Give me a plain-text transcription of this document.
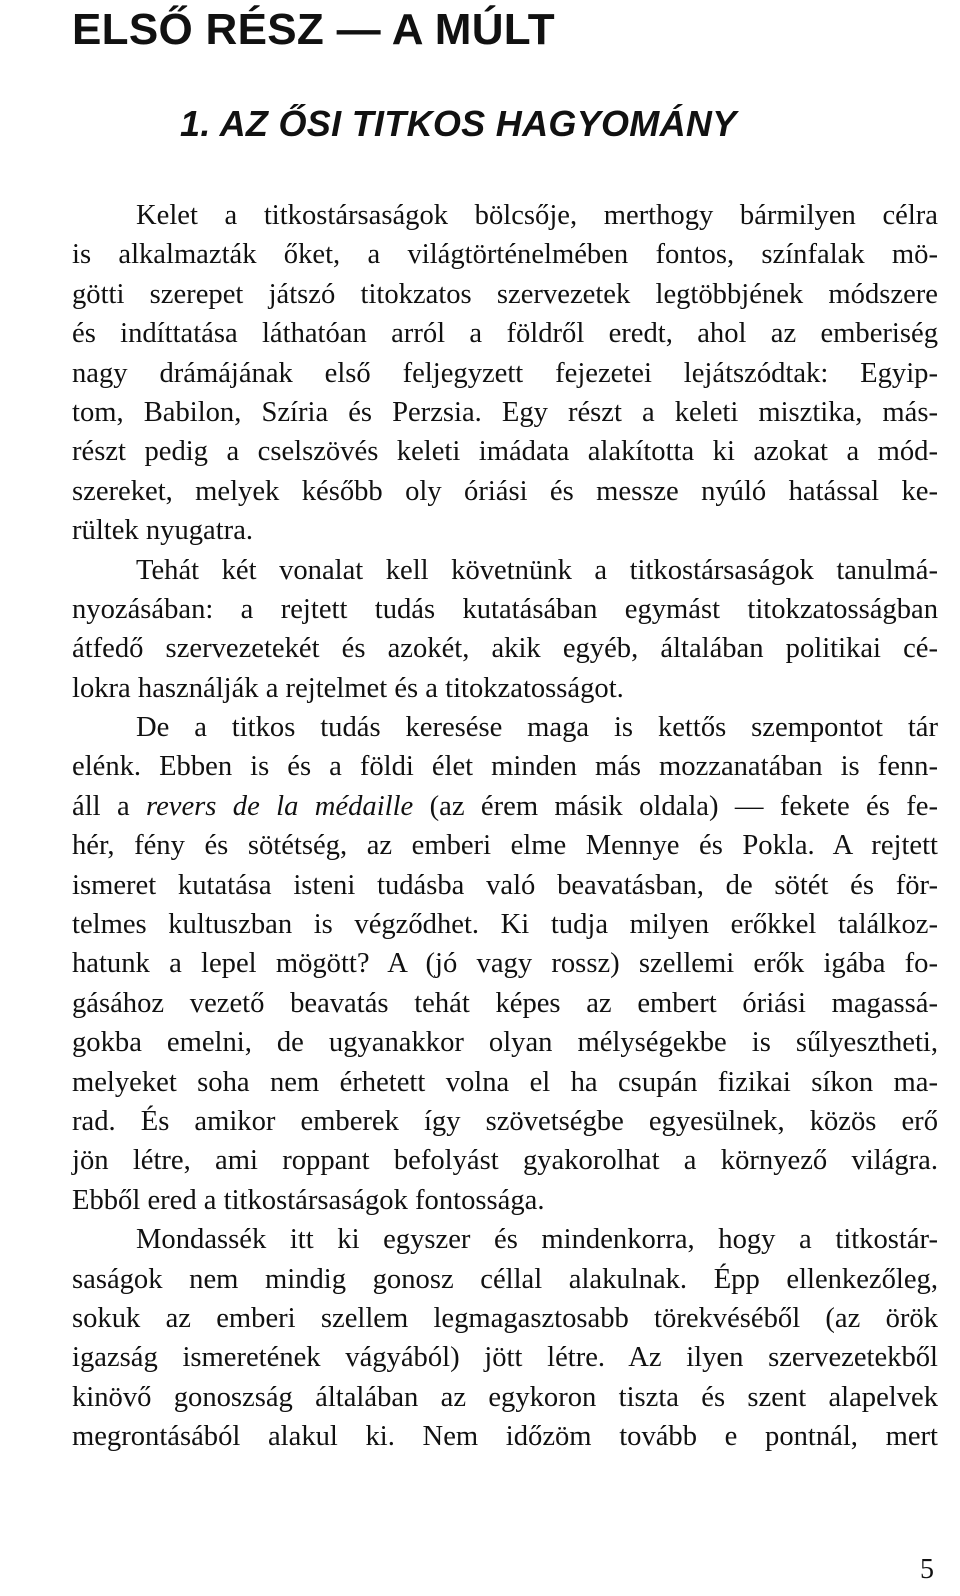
ELSŐ RÉSZ — A MÚLT
1. AZ ŐSI TITKOS HAGYOMÁNY
Kelet a titkostársaságok bölcsője, merthogy bármilyen célra
is alkalmazták őket, a világtörténelmében fontos, színfalak mö-
götti szerepet játszó titokzatos szervezetek legtöbbjének módszere
és indíttatása láthatóan arról a földről eredt, ahol az emberiség
nagy drámájának első feljegyzett fejezetei lejátszódtak: Egyip-
tom, Babilon, Szíria és Perzsia. Egy részt a keleti misztika, más-
részt pedig a cselszövés keleti imádata alakította ki azokat a mód-
szereket, melyek később oly óriási és messze nyúló hatással ke-
rültek nyugatra.
Tehát két vonalat kell követnünk a titkostársaságok tanulmá-
nyozásában: a rejtett tudás kutatásában egymást titokzatosságban
átfedő szervezetekét és azokét, akik egyéb, általában politikai cé-
lokra használják a rejtelmet és a titokzatosságot.
De a titkos tudás keresése maga is kettős szempontot tár
elénk. Ebben is és a földi élet minden más mozzanatában is fenn-
áll a revers de la médaille (az érem másik oldala) — fekete és fe-
hér, fény és sötétség, az emberi elme Mennye és Pokla. A rejtett
ismeret kutatása isteni tudásba való beavatásban, de sötét és för-
telmes kultuszban is végződhet. Ki tudja milyen erőkkel találkoz-
hatunk a lepel mögött? A (jó vagy rossz) szellemi erők igába fo-
gásához vezető beavatás tehát képes az embert óriási magassá-
gokba emelni, de ugyanakkor olyan mélységekbe is sűlyesztheti,
melyeket soha nem érhetett volna el ha csupán fizikai síkon ma-
rad. És amikor emberek így szövetségbe egyesülnek, közös erő
jön létre, ami roppant befolyást gyakorolhat a környező világra.
Ebből ered a titkostársaságok fontossága.
Mondassék itt ki egyszer és mindenkorra, hogy a titkostár-
saságok nem mindig gonosz céllal alakulnak. Épp ellenkezőleg,
sokuk az emberi szellem legmagasztosabb törekvéséből (az örök
igazság ismeretének vágyából) jött létre. Az ilyen szervezetekből
kinövő gonoszság általában az egykoron tiszta és szent alapelvek
megrontásából alakul ki. Nem időzöm tovább e pontnál, mert
5
